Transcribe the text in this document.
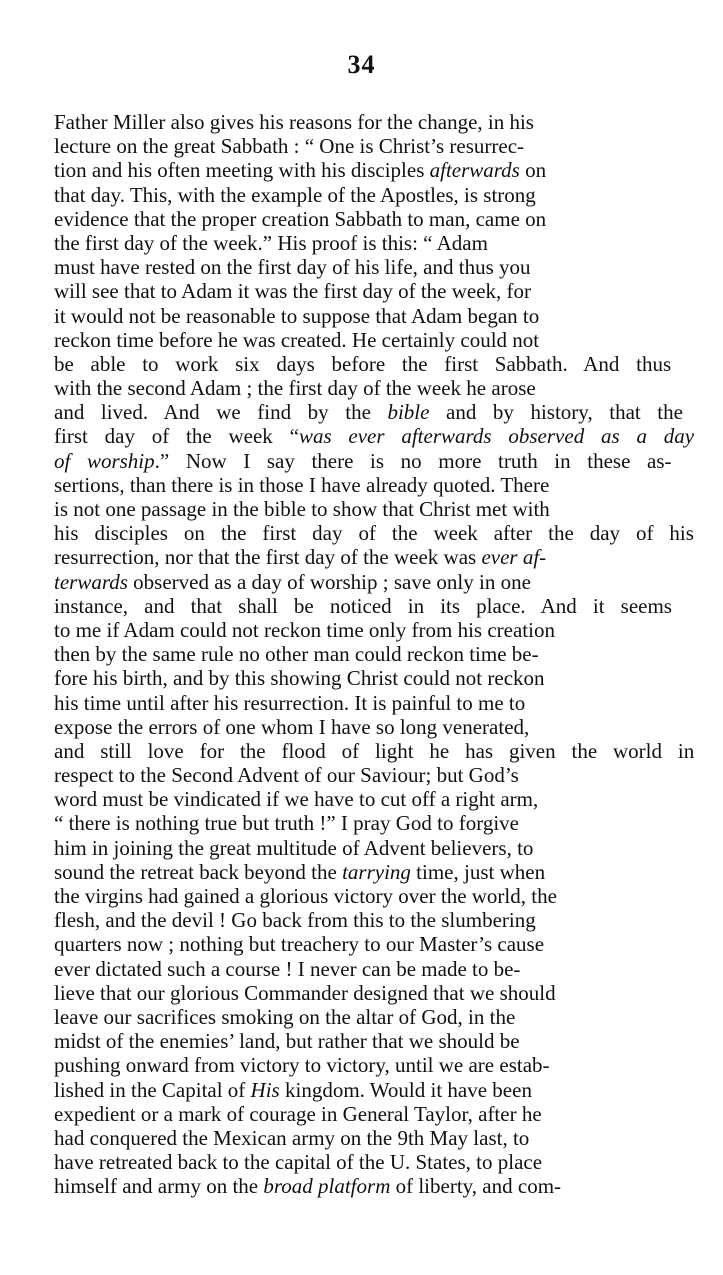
34
Father Miller also gives his reasons for the change, in his
lecture on the great Sabbath : “ One is Christ’s resurrec-
tion and his often meeting with his disciples afterwards on
that day. This, with the example of the Apostles, is strong
evidence that the proper creation Sabbath to man, came on
the first day of the week.” His proof is this: “ Adam
must have rested on the first day of his life, and thus you
will see that to Adam it was the first day of the week, for
it would not be reasonable to suppose that Adam began to
reckon time before he was created. He certainly could not
be able to work six days before the first Sabbath. And thus
with the second Adam ; the first day of the week he arose
and lived. And we find by the bible and by history, that the
first day of the week “was ever afterwards observed as a day
of worship.” Now I say there is no more truth in these as-
sertions, than there is in those I have already quoted. There
is not one passage in the bible to show that Christ met with
his disciples on the first day of the week after the day of his
resurrection, nor that the first day of the week was ever af-
terwards observed as a day of worship ; save only in one
instance, and that shall be noticed in its place. And it seems
to me if Adam could not reckon time only from his creation
then by the same rule no other man could reckon time be-
fore his birth, and by this showing Christ could not reckon
his time until after his resurrection. It is painful to me to
expose the errors of one whom I have so long venerated,
and still love for the flood of light he has given the world in
respect to the Second Advent of our Saviour; but God’s
word must be vindicated if we have to cut off a right arm,
“ there is nothing true but truth !” I pray God to forgive
him in joining the great multitude of Advent believers, to
sound the retreat back beyond the tarrying time, just when
the virgins had gained a glorious victory over the world, the
flesh, and the devil ! Go back from this to the slumbering
quarters now ; nothing but treachery to our Master’s cause
ever dictated such a course ! I never can be made to be-
lieve that our glorious Commander designed that we should
leave our sacrifices smoking on the altar of God, in the
midst of the enemies’ land, but rather that we should be
pushing onward from victory to victory, until we are estab-
lished in the Capital of His kingdom. Would it have been
expedient or a mark of courage in General Taylor, after he
had conquered the Mexican army on the 9th May last, to
have retreated back to the capital of the U. States, to place
himself and army on the broad platform of liberty, and com-
